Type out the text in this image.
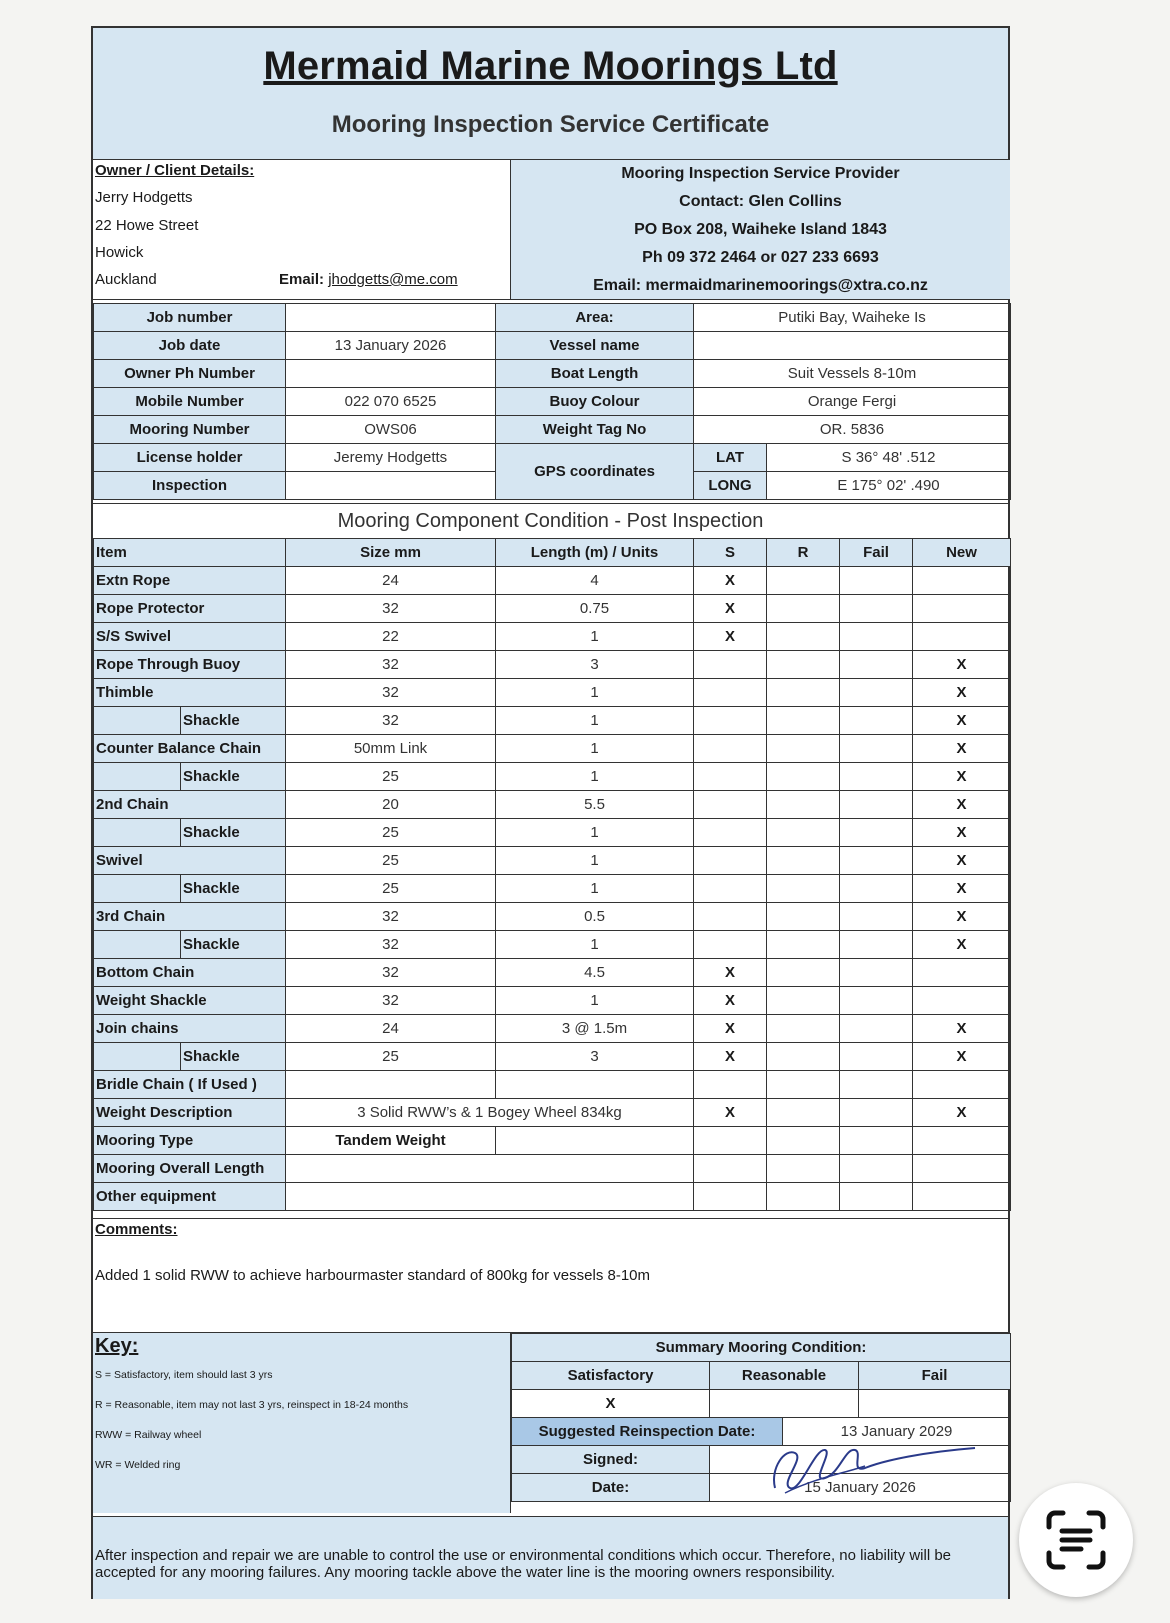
Mermaid Marine Moorings Ltd
Mooring Inspection Service Certificate
Owner / Client Details:
Jerry Hodgetts
22 Howe Street
Howick
Auckland	Email: jhodgetts@me.com
Mooring Inspection Service Provider
Contact: Glen Collins
PO Box 208, Waiheke Island 1843
Ph 09 372 2464 or 027 233 6693
Email: mermaidmarinemoorings@xtra.co.nz
Job number		Area:	Putiki Bay, Waiheke Is	
Job date	13 January 2026	Vessel name		
Owner Ph Number		Boat Length	Suit Vessels 8-10m	
Mobile Number	022 070 6525	Buoy Colour	Orange Fergi	
Mooring Number	OWS06	Weight Tag No	OR. 5836	
License holder	Jeremy Hodgetts	GPS coordinates	LAT	S 36° 48' .512
Inspection			LONG	E 175° 02' .490
Mooring Component Condition - Post Inspection
Item		Size mm	Length (m) / Units	S	R	Fail	New
Extn Rope		24	4	X			
Rope Protector		32	0.75	X			
S/S Swivel		22	1	X			
Rope Through Buoy		32	3				X
Thimble		32	1				X
	Shackle	32	1				X
Counter Balance Chain		50mm Link	1				X
	Shackle	25	1				X
2nd Chain		20	5.5				X
	Shackle	25	1				X
Swivel		25	1				X
	Shackle	25	1				X
3rd Chain		32	0.5				X
	Shackle	32	1				X
Bottom Chain		32	4.5	X			
Weight Shackle		32	1	X			
Join chains		24	3 @ 1.5m	X			X
	Shackle	25	3	X			X
Bridle Chain ( If Used )							
Weight Description		3 Solid RWW’s & 1 Bogey Wheel 834kg		X			X
Mooring Type		Tandem Weight					
Mooring Overall Length							
Other equipment							
Comments:
Added 1 solid RWW to achieve harbourmaster standard of 800kg for vessels 8-10m
Key:
S = Satisfactory, item should last 3 yrs
R = Reasonable, item may not last 3 yrs, reinspect in 18-24 months
RWW = Railway wheel
WR = Welded ring
Summary Mooring Condition:			
Satisfactory	Reasonable		Fail
X			
Suggested Reinspection Date:		13 January 2029	
Signed:	

Date:	15 January 2026		
After inspection and repair we are unable to control the use or environmental conditions which occur. Therefore, no liability will be accepted for any mooring failures. Any mooring tackle above the water line is the mooring owners responsibility.
